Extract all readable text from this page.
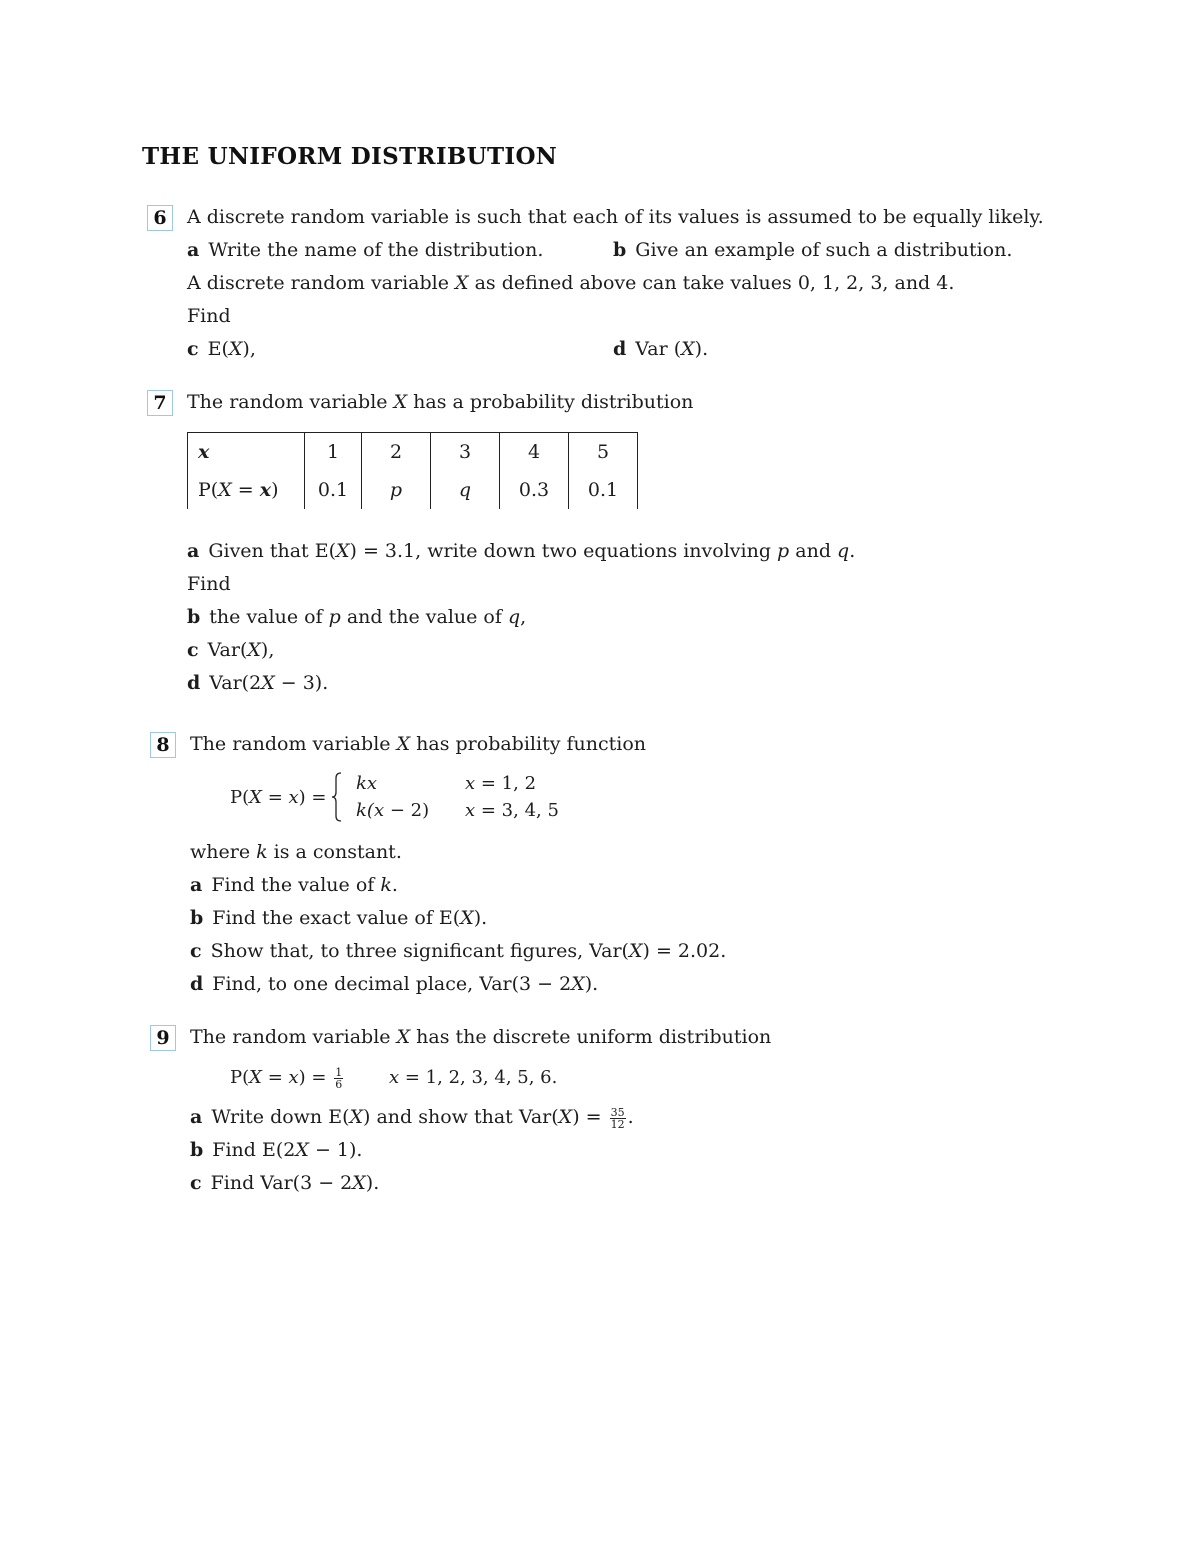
THE UNIFORM DISTRIBUTION
6	A discrete random variable is such that each of its values is assumed to be equally likely.
a Write the name of the distribution.	b Give an example of such a distribution.
A discrete random variable X as defined above can take values 0, 1, 2, 3, and 4.
Find
c E(X),	d Var (X).
7	The random variable X has a probability distribution
x	1	2	3	4	5
P(X = x)	0.1	p	q	0.3	0.1
a Given that E(X) = 3.1, write down two equations involving p and q.
Find
b the value of p and the value of q,
c Var(X),
d Var(2X − 3).
8	The random variable X has probability function
P(X = x) =
kx	x = 1, 2
k(x − 2) x = 3, 4, 5
where k is a constant.
a Find the value of k.
b Find the exact value of E(X).
c Show that, to three significant figures, Var(X) = 2.02.
d Find, to one decimal place, Var(3 − 2X).
9	The random variable X has the discrete uniform distribution
$P(X = x) = \frac{1}{6}$	x = 1, 2, 3, 4, 5, 6.
a Write down E(X) and show that $Var(X) = \frac{35}{12}$ .
b Find E(2X − 1).
c Find Var(3 − 2X).
